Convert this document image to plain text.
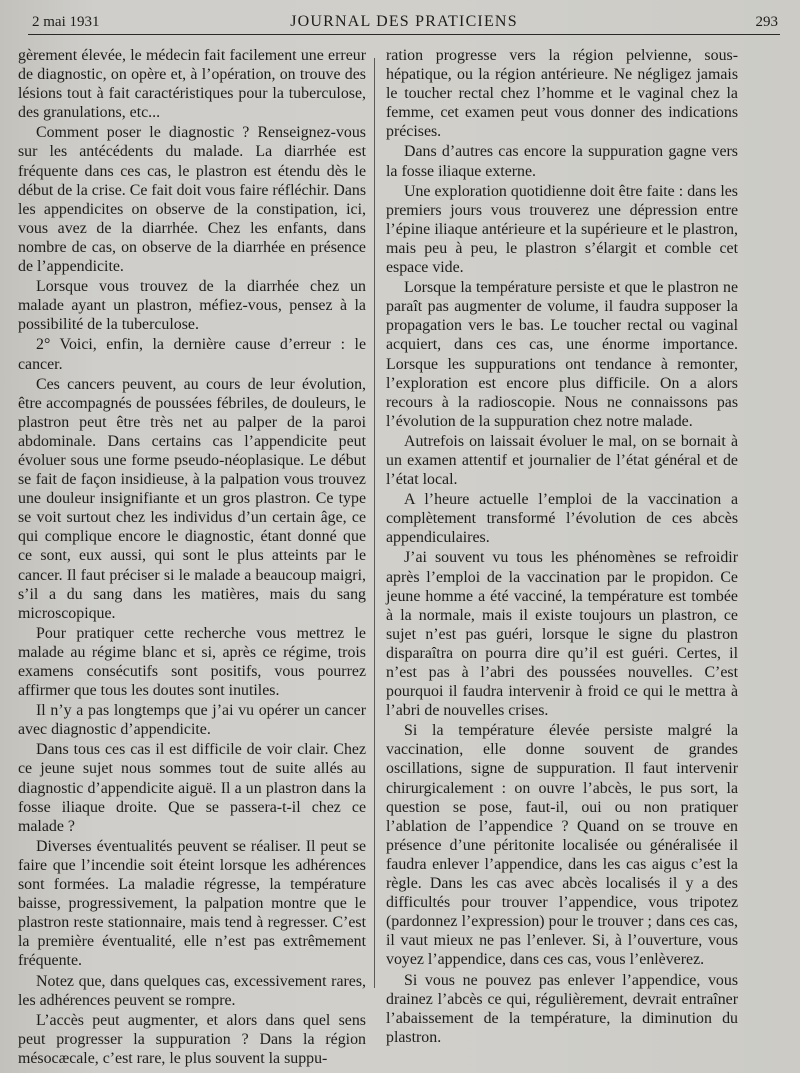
2 mai 1931	JOURNAL DES PRATICIENS	293

gèrement élevée, le médecin fait facilement une erreur de diagnostic, on opère et, à l’opération, on trouve des lésions tout à fait caractéristiques pour la tuberculose, des granulations, etc...

Comment poser le diagnostic ? Renseignez-vous sur les antécédents du malade. La diarrhée est fréquente dans ces cas, le plastron est étendu dès le début de la crise. Ce fait doit vous faire réfléchir. Dans les appendicites on observe de la constipation, ici, vous avez de la diarrhée. Chez les enfants, dans nombre de cas, on observe de la diarrhée en présence de l’appendicite.

Lorsque vous trouvez de la diarrhée chez un malade ayant un plastron, méfiez-vous, pensez à la possibilité de la tuberculose.

2° Voici, enfin, la dernière cause d’erreur : le cancer.

Ces cancers peuvent, au cours de leur évolution, être accompagnés de poussées fébriles, de douleurs, le plastron peut être très net au palper de la paroi abdominale. Dans certains cas l’appendicite peut évoluer sous une forme pseudo-néoplasique. Le début se fait de façon insidieuse, à la palpation vous trouvez une douleur insignifiante et un gros plastron. Ce type se voit surtout chez les individus d’un certain âge, ce qui complique encore le diagnostic, étant donné que ce sont, eux aussi, qui sont le plus atteints par le cancer. Il faut préciser si le malade a beaucoup maigri, s’il a du sang dans les matières, mais du sang microscopique.

Pour pratiquer cette recherche vous mettrez le malade au régime blanc et si, après ce régime, trois examens consécutifs sont positifs, vous pourrez affirmer que tous les doutes sont inutiles.

Il n’y a pas longtemps que j’ai vu opérer un cancer avec diagnostic d’appendicite.

Dans tous ces cas il est difficile de voir clair. Chez ce jeune sujet nous sommes tout de suite allés au diagnostic d’appendicite aiguë. Il a un plastron dans la fosse iliaque droite. Que se passera-t-il chez ce malade ?

Diverses éventualités peuvent se réaliser. Il peut se faire que l’incendie soit éteint lorsque les adhérences sont formées. La maladie régresse, la température baisse, progressivement, la palpation montre que le plastron reste stationnaire, mais tend à regresser. C’est la première éventualité, elle n’est pas extrêmement fréquente.

Notez que, dans quelques cas, excessivement rares, les adhérences peuvent se rompre.

L’accès peut augmenter, et alors dans quel sens peut progresser la suppuration ? Dans la région mésocæcale, c’est rare, le plus souvent la suppu-

ration progresse vers la région pelvienne, sous-hépatique, ou la région antérieure. Ne négligez jamais le toucher rectal chez l’homme et le vaginal chez la femme, cet examen peut vous donner des indications précises.

Dans d’autres cas encore la suppuration gagne vers la fosse iliaque externe.

Une exploration quotidienne doit être faite : dans les premiers jours vous trouverez une dépression entre l’épine iliaque antérieure et la supérieure et le plastron, mais peu à peu, le plastron s’élargit et comble cet espace vide.

Lorsque la température persiste et que le plastron ne paraît pas augmenter de volume, il faudra supposer la propagation vers le bas. Le toucher rectal ou vaginal acquiert, dans ces cas, une énorme importance. Lorsque les suppurations ont tendance à remonter, l’exploration est encore plus difficile. On a alors recours à la radioscopie. Nous ne connaissons pas l’évolution de la suppuration chez notre malade.

Autrefois on laissait évoluer le mal, on se bornait à un examen attentif et journalier de l’état général et de l’état local.

A l’heure actuelle l’emploi de la vaccination a complètement transformé l’évolution de ces abcès appendiculaires.

J’ai souvent vu tous les phénomènes se refroidir après l’emploi de la vaccination par le propidon. Ce jeune homme a été vacciné, la température est tombée à la normale, mais il existe toujours un plastron, ce sujet n’est pas guéri, lorsque le signe du plastron disparaîtra on pourra dire qu’il est guéri. Certes, il n’est pas à l’abri des poussées nouvelles. C’est pourquoi il faudra intervenir à froid ce qui le mettra à l’abri de nouvelles crises.

Si la température élevée persiste malgré la vaccination, elle donne souvent de grandes oscillations, signe de suppuration. Il faut intervenir chirurgicalement : on ouvre l’abcès, le pus sort, la question se pose, faut-il, oui ou non pratiquer l’ablation de l’appendice ? Quand on se trouve en présence d’une péritonite localisée ou généralisée il faudra enlever l’appendice, dans les cas aigus c’est la règle. Dans les cas avec abcès localisés il y a des difficultés pour trouver l’appendice, vous tripotez (pardonnez l’expression) pour le trouver ; dans ces cas, il vaut mieux ne pas l’enlever. Si, à l’ouverture, vous voyez l’appendice, dans ces cas, vous l’enlèverez.

Si vous ne pouvez pas enlever l’appendice, vous drainez l’abcès ce qui, régulièrement, devrait entraîner l’abaissement de la température, la diminution du plastron.
